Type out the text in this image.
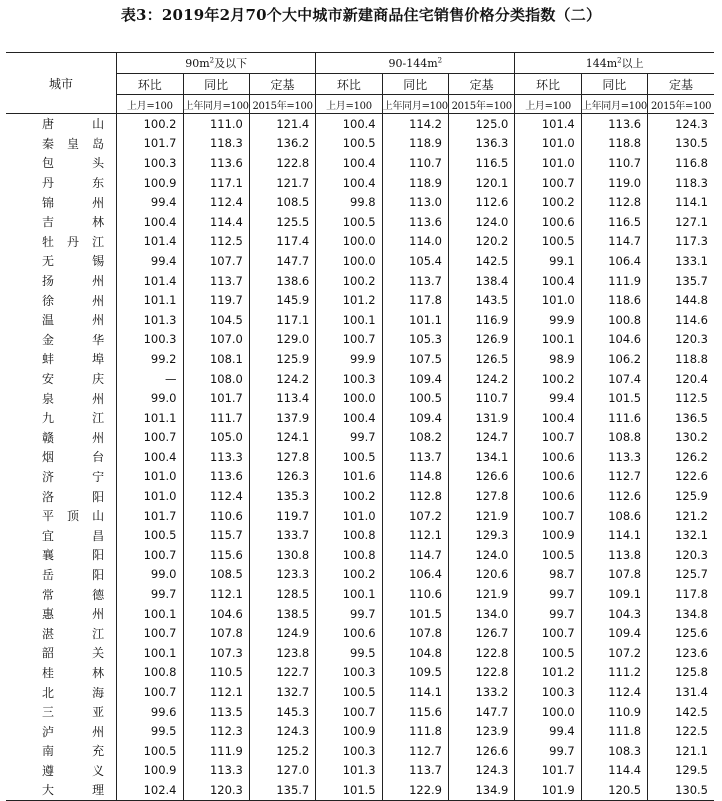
表3：2019年2月70个大中城市新建商品住宅销售价格分类指数（二）
城市	$90m^2$及以下			$90-144m^2$			$144m^2$以上		
	环比	同比	定基	环比	同比	定基	环比	同比	定基
	上月=100	上年同月=100	2015年=100	上月=100	上年同月=100	2015年=100	上月=100	上年同月=100	2015年=100
唐山	100.2	111.0	121.4	100.4	114.2	125.0	101.4	113.6	124.3
秦皇岛	101.7	118.3	136.2	100.5	118.9	136.3	101.0	118.8	130.5
包头	100.3	113.6	122.8	100.4	110.7	116.5	101.0	110.7	116.8
丹东	100.9	117.1	121.7	100.4	118.9	120.1	100.7	119.0	118.3
锦州	99.4	112.4	108.5	99.8	113.0	112.6	100.2	112.8	114.1
吉林	100.4	114.4	125.5	100.5	113.6	124.0	100.6	116.5	127.1
牡丹江	101.4	112.5	117.4	100.0	114.0	120.2	100.5	114.7	117.3
无锡	99.4	107.7	147.7	100.0	105.4	142.5	99.1	106.4	133.1
扬州	101.4	113.7	138.6	100.2	113.7	138.4	100.4	111.9	135.7
徐州	101.1	119.7	145.9	101.2	117.8	143.5	101.0	118.6	144.8
温州	101.3	104.5	117.1	100.1	101.1	116.9	99.9	100.8	114.6
金华	100.3	107.0	129.0	100.7	105.3	126.9	100.1	104.6	120.3
蚌埠	99.2	108.1	125.9	99.9	107.5	126.5	98.9	106.2	118.8
安庆	—	108.0	124.2	100.3	109.4	124.2	100.2	107.4	120.4
泉州	99.0	101.7	113.4	100.0	100.5	110.7	99.4	101.5	112.5
九江	101.1	111.7	137.9	100.4	109.4	131.9	100.4	111.6	136.5
赣州	100.7	105.0	124.1	99.7	108.2	124.7	100.7	108.8	130.2
烟台	100.4	113.3	127.8	100.5	113.7	134.1	100.6	113.3	126.2
济宁	101.0	113.6	126.3	101.6	114.8	126.6	100.6	112.7	122.6
洛阳	101.0	112.4	135.3	100.2	112.8	127.8	100.6	112.6	125.9
平顶山	101.7	110.6	119.7	101.0	107.2	121.9	100.7	108.6	121.2
宜昌	100.5	115.7	133.7	100.8	112.1	129.3	100.9	114.1	132.1
襄阳	100.7	115.6	130.8	100.8	114.7	124.0	100.5	113.8	120.3
岳阳	99.0	108.5	123.3	100.2	106.4	120.6	98.7	107.8	125.7
常德	99.7	112.1	128.5	100.1	110.6	121.9	99.7	109.1	117.8
惠州	100.1	104.6	138.5	99.7	101.5	134.0	99.7	104.3	134.8
湛江	100.7	107.8	124.9	100.6	107.8	126.7	100.7	109.4	125.6
韶关	100.1	107.3	123.8	99.5	104.8	122.8	100.5	107.2	123.6
桂林	100.8	110.5	122.7	100.3	109.5	122.8	101.2	111.2	125.8
北海	100.7	112.1	132.7	100.5	114.1	133.2	100.3	112.4	131.4
三亚	99.6	113.5	145.3	100.7	115.6	147.7	100.0	110.9	142.5
泸州	99.5	112.3	124.3	100.9	111.8	123.9	99.4	111.8	122.5
南充	100.5	111.9	125.2	100.3	112.7	126.6	99.7	108.3	121.1
遵义	100.9	113.3	127.0	101.3	113.7	124.3	101.7	114.4	129.5
大理	102.4	120.3	135.7	101.5	122.9	134.9	101.9	120.5	130.5
